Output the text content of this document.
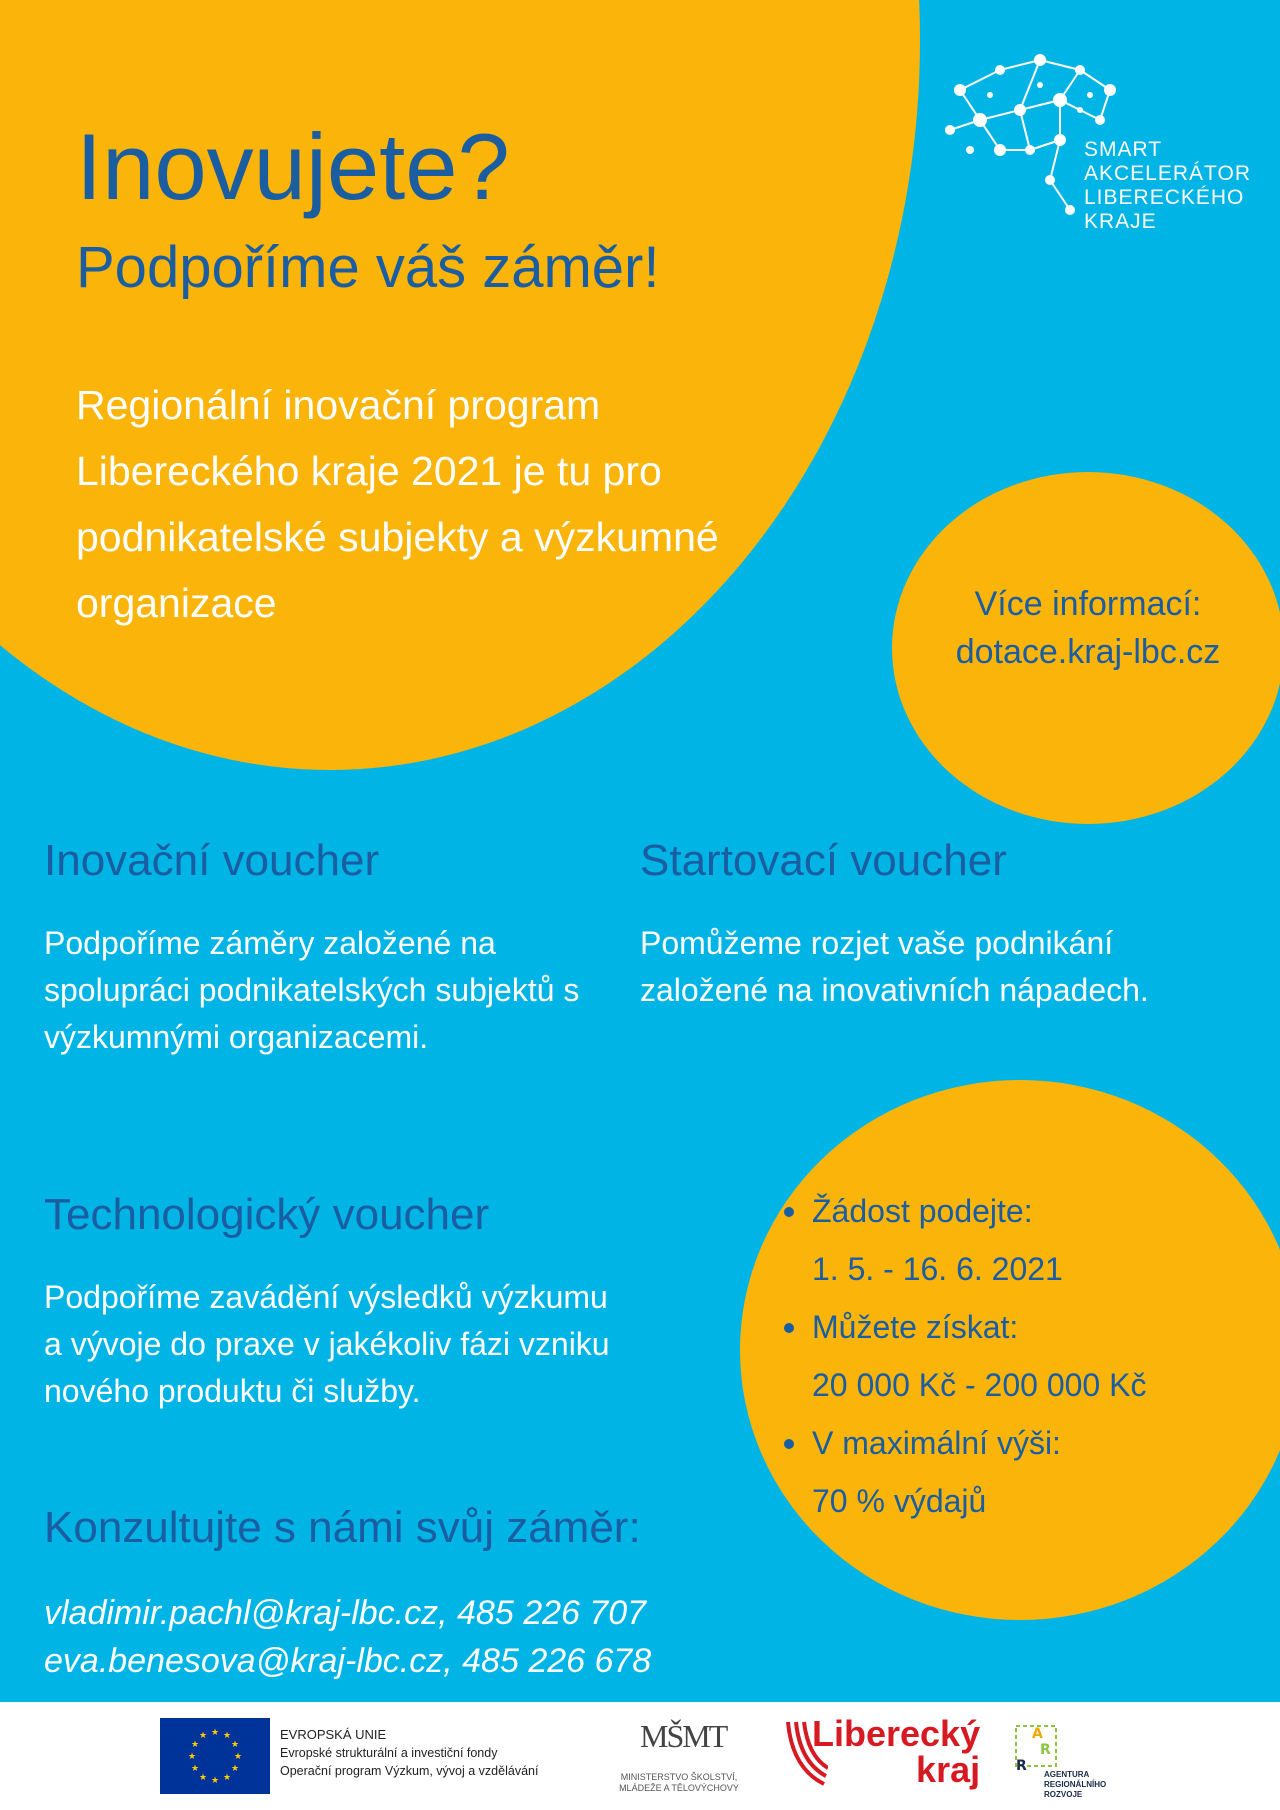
Inovujete?
Podpoříme váš záměr!
Regionální inovační program Libereckého kraje 2021 je tu pro podnikatelské subjekty a výzkumné organizace
SMART
AKCELERÁTOR
LIBERECKÉHO
KRAJE
Více informací:
dotace.kraj-lbc.cz
Inovační voucher
Podpoříme záměry založené na spolupráci podnikatelských subjektů s výzkumnými organizacemi.
Startovací voucher
Pomůžeme rozjet vaše podnikání založené na inovativních nápadech.
Technologický voucher
Podpoříme zavádění výsledků výzkumu a vývoje do praxe v jakékoliv fázi vzniku nového produktu či služby.
Žádost podejte:
1. 5. - 16. 6. 2021
Můžete získat:
20 000 Kč - 200 000 Kč
V maximální výši:
70 % výdajů
Konzultujte s námi svůj záměr:
vladimir.pachl@kraj-lbc.cz, 485 226 707
eva.benesova@kraj-lbc.cz, 485 226 678
★ ★
★
★
★
★
★
★
★
★
★
★	EVROPSKÁ UNIE
Evropské strukturální a investiční fondy
Operační program Výzkum, vývoj a vzdělávání
MŠMT
MINISTERSTVO ŠKOLSTVÍ,
MLÁDEŽE A TĚLOVÝCHOVY
Liberecký
kraj
A
R
R
AGENTURA
REGIONÁLNÍHO
ROZVOJE
